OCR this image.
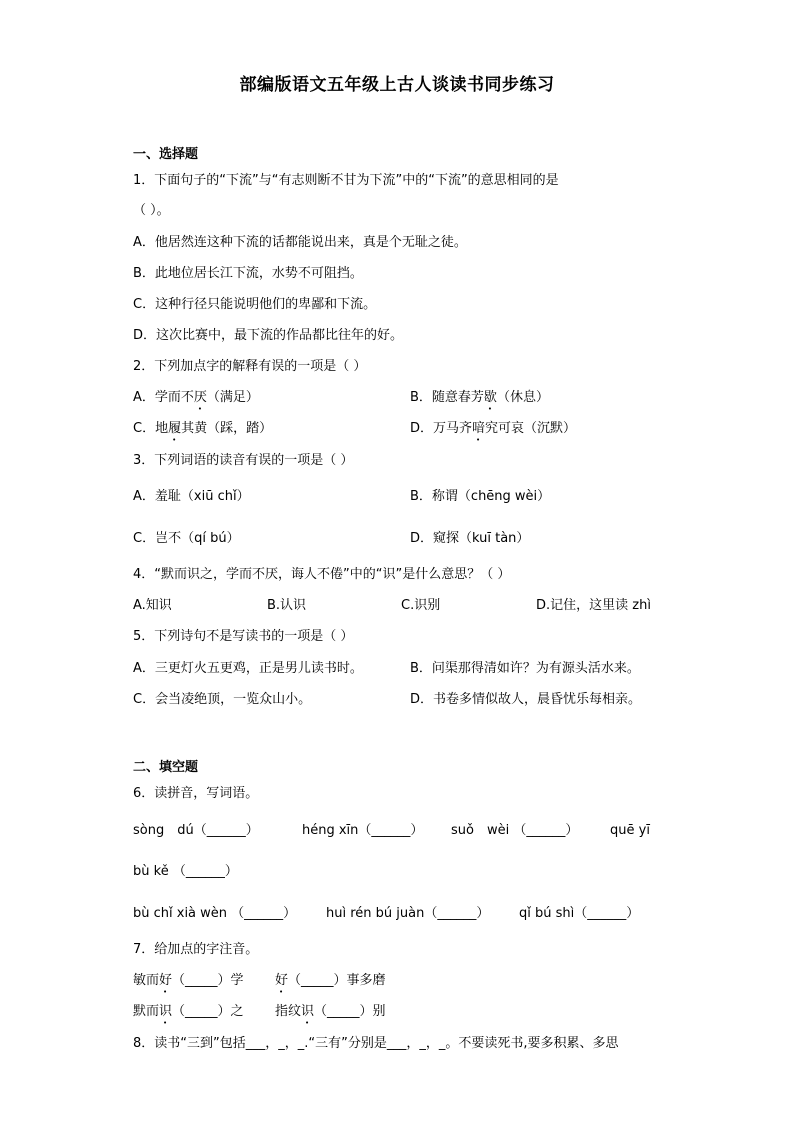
部编版语文五年级上古人谈读书同步练习
一、选择题
1．下面句子的“下流”与“有志则断不甘为下流”中的“下流”的意思相同的是
（ ）。
A．他居然连这种下流的话都能说出来，真是个无耻之徒。
B．此地位居长江下流，水势不可阻挡。
C．这种行径只能说明他们的卑鄙和下流。
D．这次比赛中，最下流的作品都比往年的好。
2．下列加点字的解释有误的一项是（ ）
A．学而不厌（满足）	B．随意春芳歇（休息）
C．地履其黄（踩，踏）	D．万马齐喑究可哀（沉默）
3．下列词语的读音有误的一项是（ ）
A．羞耻（xiū chǐ）	B．称谓（chēng wèi）
C．岂不（qí bú）	D．窥探（kuī tàn）
4．“默而识之，学而不厌，诲人不倦”中的“识”是什么意思？（ ）
A.知识	B.认识	C.识别	D.记住，这里读 zhì
5．下列诗句不是写读书的一项是（ ）
A．三更灯火五更鸡，正是男儿读书时。	B．问渠那得清如许？为有源头活水来。
C．会当凌绝顶，一览众山小。	D．书卷多情似故人，晨昏忧乐每相亲。
二、填空题
6．读拼音，写词语。
sòng　dú（______）	héng xīn（______） suǒ　wèi （______） quē yī
bù kě （______）
bù chǐ xià wèn （______） huì rén bú juàn（______） qǐ bú shì（______）
7．给加点的字注音。
敏而好（_____）学 好（_____）事多磨
默而识（_____）之 指纹识（_____）别
8．读书“三到”包括___，_，_.“三有”分别是___，_，_。不要读死书,要多积累、多思
